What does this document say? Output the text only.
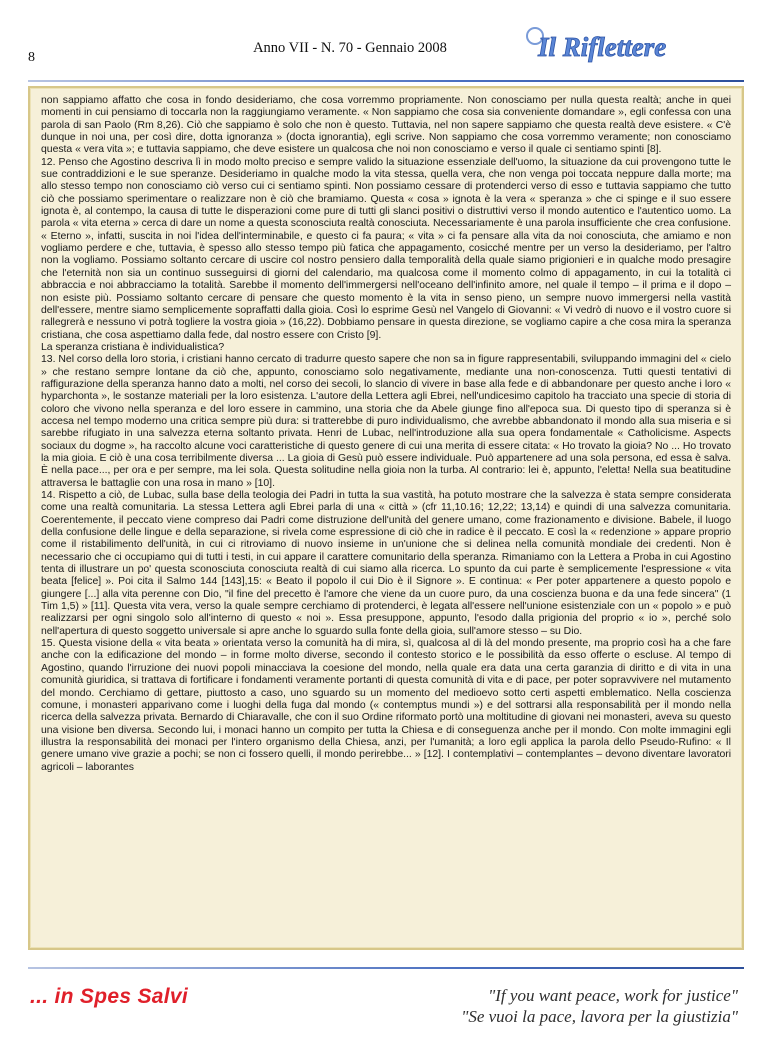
8
Anno VII - N. 70 - Gennaio 2008	Il Riflettere

non sappiamo affatto che cosa in fondo desideriamo, che cosa vorremmo propriamente. Non conosciamo per nulla questa realtà; anche in quei momenti in cui pensiamo di toccarla non la raggiungiamo veramente. « Non sappiamo che cosa sia conveniente domandare », egli confessa con una parola di san Paolo (Rm 8,26). Ciò che sappiamo è solo che non è questo. Tuttavia, nel non sapere sappiamo che questa realtà deve esistere. « C'è dunque in noi una, per così dire, dotta ignoranza » (docta ignorantia), egli scrive. Non sappiamo che cosa vorremmo veramente; non conosciamo questa « vera vita »; e tuttavia sappiamo, che deve esistere un qualcosa che noi non conosciamo e verso il quale ci sentiamo spinti [8].

12. Penso che Agostino descriva lì in modo molto preciso e sempre valido la situazione essenziale dell'uomo, la situazione da cui provengono tutte le sue contraddizioni e le sue speranze. Desideriamo in qualche modo la vita stessa, quella vera, che non venga poi toccata neppure dalla morte; ma allo stesso tempo non conosciamo ciò verso cui ci sentiamo spinti. Non possiamo cessare di protenderci verso di esso e tuttavia sappiamo che tutto ciò che possiamo sperimentare o realizzare non è ciò che bramiamo. Questa « cosa » ignota è la vera « speranza » che ci spinge e il suo essere ignota è, al contempo, la causa di tutte le disperazioni come pure di tutti gli slanci positivi o distruttivi verso il mondo autentico e l'autentico uomo. La parola « vita eterna » cerca di dare un nome a questa sconosciuta realtà conosciuta. Necessariamente è una parola insufficiente che crea confusione. « Eterno », infatti, suscita in noi l'idea dell'interminabile, e questo ci fa paura; « vita » ci fa pensare alla vita da noi conosciuta, che amiamo e non vogliamo perdere e che, tuttavia, è spesso allo stesso tempo più fatica che appagamento, cosicché mentre per un verso la desideriamo, per l'altro non la vogliamo. Possiamo soltanto cercare di uscire col nostro pensiero dalla temporalità della quale siamo prigionieri e in qualche modo presagire che l'eternità non sia un continuo susseguirsi di giorni del calendario, ma qualcosa come il momento colmo di appagamento, in cui la totalità ci abbraccia e noi abbracciamo la totalità. Sarebbe il momento dell'immergersi nell'oceano dell'infinito amore, nel quale il tempo – il prima e il dopo – non esiste più. Possiamo soltanto cercare di pensare che questo momento è la vita in senso pieno, un sempre nuovo immergersi nella vastità dell'essere, mentre siamo semplicemente sopraffatti dalla gioia. Così lo esprime Gesù nel Vangelo di Giovanni: « Vi vedrò di nuovo e il vostro cuore si rallegrerà e nessuno vi potrà togliere la vostra gioia » (16,22). Dobbiamo pensare in questa direzione, se vogliamo capire a che cosa mira la speranza cristiana, che cosa aspettiamo dalla fede, dal nostro essere con Cristo [9].

La speranza cristiana è individualistica?

13. Nel corso della loro storia, i cristiani hanno cercato di tradurre questo sapere che non sa in figure rappresentabili, sviluppando immagini del « cielo » che restano sempre lontane da ciò che, appunto, conosciamo solo negativamente, mediante una non-conoscenza. Tutti questi tentativi di raffigurazione della speranza hanno dato a molti, nel corso dei secoli, lo slancio di vivere in base alla fede e di abbandonare per questo anche i loro « hyparchonta », le sostanze materiali per la loro esistenza. L'autore della Lettera agli Ebrei, nell'undicesimo capitolo ha tracciato una specie di storia di coloro che vivono nella speranza e del loro essere in cammino, una storia che da Abele giunge fino all'epoca sua. Di questo tipo di speranza si è accesa nel tempo moderno una critica sempre più dura: si tratterebbe di puro individualismo, che avrebbe abbandonato il mondo alla sua miseria e si sarebbe rifugiato in una salvezza eterna soltanto privata. Henri de Lubac, nell'introduzione alla sua opera fondamentale « Catholicisme. Aspects sociaux du dogme », ha raccolto alcune voci caratteristiche di questo genere di cui una merita di essere citata: « Ho trovato la gioia? No ... Ho trovato la mia gioia. E ciò è una cosa terribilmente diversa ... La gioia di Gesù può essere individuale. Può appartenere ad una sola persona, ed essa è salva. È nella pace..., per ora e per sempre, ma lei sola. Questa solitudine nella gioia non la turba. Al contrario: lei è, appunto, l'eletta! Nella sua beatitudine attraversa le battaglie con una rosa in mano » [10].

14. Rispetto a ciò, de Lubac, sulla base della teologia dei Padri in tutta la sua vastità, ha potuto mostrare che la salvezza è stata sempre considerata come una realtà comunitaria. La stessa Lettera agli Ebrei parla di una « città » (cfr 11,10.16; 12,22; 13,14) e quindi di una salvezza comunitaria. Coerentemente, il peccato viene compreso dai Padri come distruzione dell'unità del genere umano, come frazionamento e divisione. Babele, il luogo della confusione delle lingue e della separazione, si rivela come espressione di ciò che in radice è il peccato. E così la « redenzione » appare proprio come il ristabilimento dell'unità, in cui ci ritroviamo di nuovo insieme in un'unione che si delinea nella comunità mondiale dei credenti. Non è necessario che ci occupiamo qui di tutti i testi, in cui appare il carattere comunitario della speranza. Rimaniamo con la Lettera a Proba in cui Agostino tenta di illustrare un po' questa sconosciuta conosciuta realtà di cui siamo alla ricerca. Lo spunto da cui parte è semplicemente l'espressione « vita beata [felice] ». Poi cita il Salmo 144 [143],15: « Beato il popolo il cui Dio è il Signore ». E continua: « Per poter appartenere a questo popolo e giungere [...] alla vita perenne con Dio, "il fine del precetto è l'amore che viene da un cuore puro, da una coscienza buona e da una fede sincera" (1 Tim 1,5) » [11]. Questa vita vera, verso la quale sempre cerchiamo di protenderci, è legata all'essere nell'unione esistenziale con un « popolo » e può realizzarsi per ogni singolo solo all'interno di questo « noi ». Essa presuppone, appunto, l'esodo dalla prigionia del proprio « io », perché solo nell'apertura di questo soggetto universale si apre anche lo sguardo sulla fonte della gioia, sull'amore stesso – su Dio.

15. Questa visione della « vita beata » orientata verso la comunità ha di mira, sì, qualcosa al di là del mondo presente, ma proprio così ha a che fare anche con la edificazione del mondo – in forme molto diverse, secondo il contesto storico e le possibilità da esso offerte o escluse. Al tempo di Agostino, quando l'irruzione dei nuovi popoli minacciava la coesione del mondo, nella quale era data una certa garanzia di diritto e di vita in una comunità giuridica, si trattava di fortificare i fondamenti veramente portanti di questa comunità di vita e di pace, per poter sopravvivere nel mutamento del mondo. Cerchiamo di gettare, piuttosto a caso, uno sguardo su un momento del medioevo sotto certi aspetti emblematico. Nella coscienza comune, i monasteri apparivano come i luoghi della fuga dal mondo (« contemptus mundi ») e del sottrarsi alla responsabilità per il mondo nella ricerca della salvezza privata. Bernardo di Chiaravalle, che con il suo Ordine riformato portò una moltitudine di giovani nei monasteri, aveva su questo una visione ben diversa. Secondo lui, i monaci hanno un compito per tutta la Chiesa e di conseguenza anche per il mondo. Con molte immagini egli illustra la responsabilità dei monaci per l'intero organismo della Chiesa, anzi, per l'umanità; a loro egli applica la parola dello Pseudo-Rufino: « Il genere umano vive grazie a pochi; se non ci fossero quelli, il mondo perirebbe... » [12]. I contemplativi – contemplantes – devono diventare lavoratori agricoli – laborantes

... in Spes Salvi	"If you want peace, work for justice"
"Se vuoi la pace, lavora per la giustizia"
